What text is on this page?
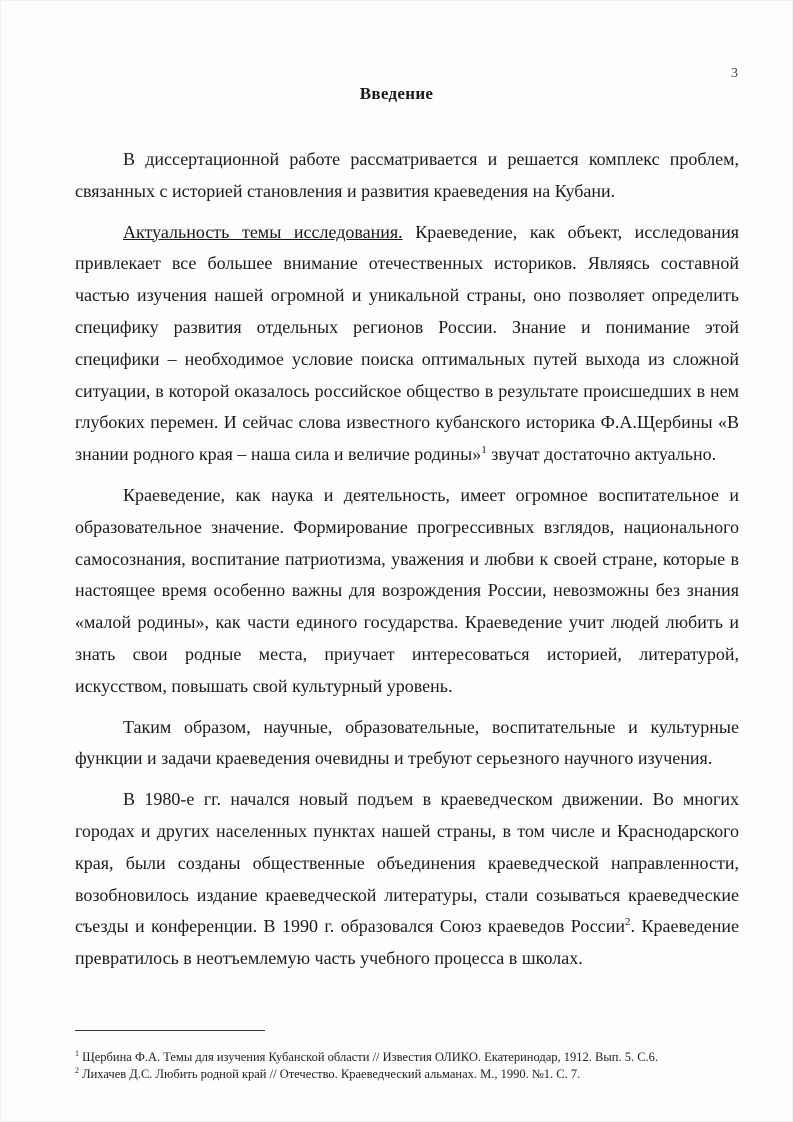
3
Введение

В диссертационной работе рассматривается и решается комплекс проблем, связанных с историей становления и развития краеведения на Кубани.

Актуальность темы исследования. Краеведение, как объект, исследования привлекает все большее внимание отечественных историков. Являясь составной частью изучения нашей огромной и уникальной страны, оно позволяет определить специфику развития отдельных регионов России. Знание и понимание этой специфики – необходимое условие поиска оптимальных путей выхода из сложной ситуации, в которой оказалось российское общество в результате происшедших в нем глубоких перемен. И сейчас слова известного кубанского историка Ф.А.Щербины «В знании родного края – наша сила и величие родины»$^1$ звучат достаточно актуально.

Краеведение, как наука и деятельность, имеет огромное воспитательное и образовательное значение. Формирование прогрессивных взглядов, национального самосознания, воспитание патриотизма, уважения и любви к своей стране, которые в настоящее время особенно важны для возрождения России, невозможны без знания «малой родины», как части единого государства. Краеведение учит людей любить и знать свои родные места, приучает интересоваться историей, литературой, искусством, повышать свой культурный уровень.

Таким образом, научные, образовательные, воспитательные и культурные функции и задачи краеведения очевидны и требуют серьезного научного изучения.

В 1980-е гг. начался новый подъем в краеведческом движении. Во многих городах и других населенных пунктах нашей страны, в том числе и Краснодарского края, были созданы общественные объединения краеведческой направленности, возобновилось издание краеведческой литературы, стали созываться краеведческие съезды и конференции. В 1990 г. образовался Союз краеведов России$^2$. Краеведение превратилось в неотъемлемую часть учебного процесса в школах.

$^1$ Щербина Ф.А. Темы для изучения Кубанской области // Известия ОЛИКО. Екатеринодар, 1912. Вып. 5. С.6.
$^2$ Лихачев Д.С. Любить родной край // Отечество. Краеведческий альманах. М., 1990. №1. С. 7.
